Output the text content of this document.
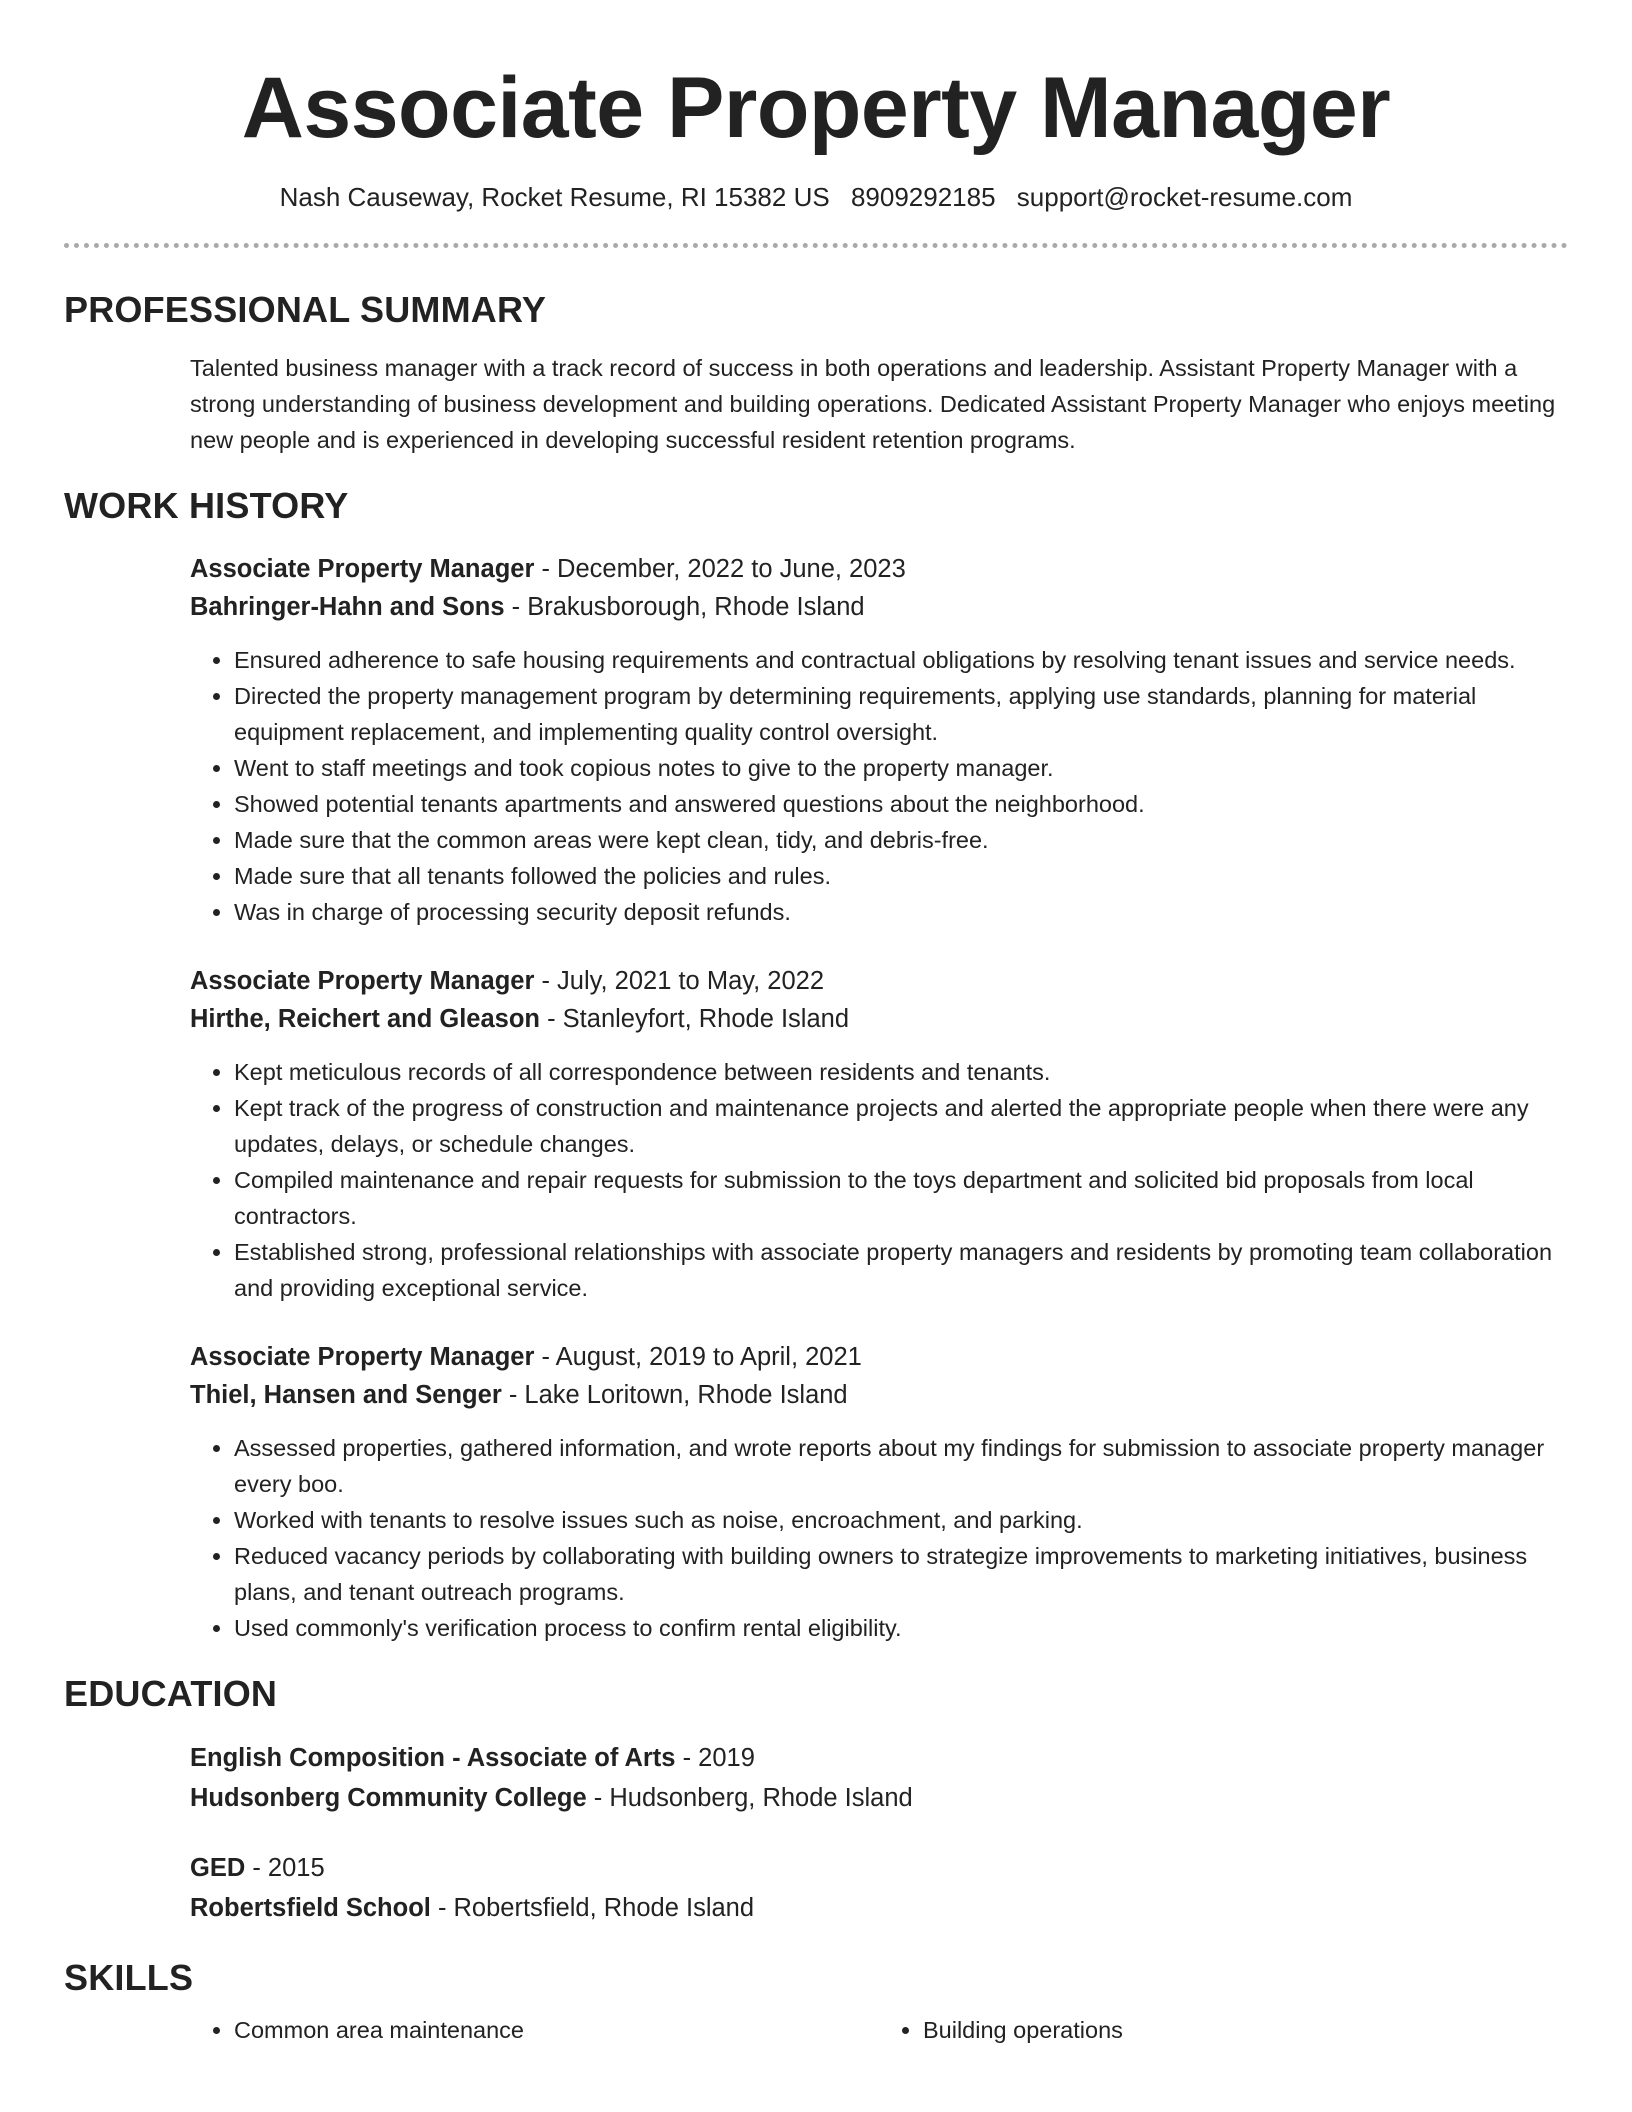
Associate Property Manager
Nash Causeway, Rocket Resume, RI 15382 US 8909292185 support@rocket-resume.com
PROFESSIONAL SUMMARY

Talented business manager with a track record of success in both operations and leadership. Assistant Property Manager with a strong understanding of business development and building operations. Dedicated Assistant Property Manager who enjoys meeting new people and is experienced in developing successful resident retention programs.

WORK HISTORY

Associate Property Manager - December, 2022 to June, 2023

Bahringer-Hahn and Sons - Brakusborough, Rhode Island

• Ensured adherence to safe housing requirements and contractual obligations by resolving tenant issues and service needs.
• Directed the property management program by determining requirements, applying use standards, planning for material equipment replacement, and implementing quality control oversight.
• Went to staff meetings and took copious notes to give to the property manager.
• Showed potential tenants apartments and answered questions about the neighborhood.
• Made sure that the common areas were kept clean, tidy, and debris-free.
• Made sure that all tenants followed the policies and rules.
• Was in charge of processing security deposit refunds.

Associate Property Manager - July, 2021 to May, 2022

Hirthe, Reichert and Gleason - Stanleyfort, Rhode Island

• Kept meticulous records of all correspondence between residents and tenants.
• Kept track of the progress of construction and maintenance projects and alerted the appropriate people when there were any updates, delays, or schedule changes.
• Compiled maintenance and repair requests for submission to the toys department and solicited bid proposals from local contractors.
• Established strong, professional relationships with associate property managers and residents by promoting team collaboration and providing exceptional service.

Associate Property Manager - August, 2019 to April, 2021

Thiel, Hansen and Senger - Lake Loritown, Rhode Island

• Assessed properties, gathered information, and wrote reports about my findings for submission to associate property manager every boo.
• Worked with tenants to resolve issues such as noise, encroachment, and parking.
• Reduced vacancy periods by collaborating with building owners to strategize improvements to marketing initiatives, business plans, and tenant outreach programs.
• Used commonly's verification process to confirm rental eligibility.
EDUCATION

English Composition - Associate of Arts - 2019

Hudsonberg Community College - Hudsonberg, Rhode Island

GED - 2015

Robertsfield School - Robertsfield, Rhode Island

SKILLS
• Common area maintenance
•	Building operations
